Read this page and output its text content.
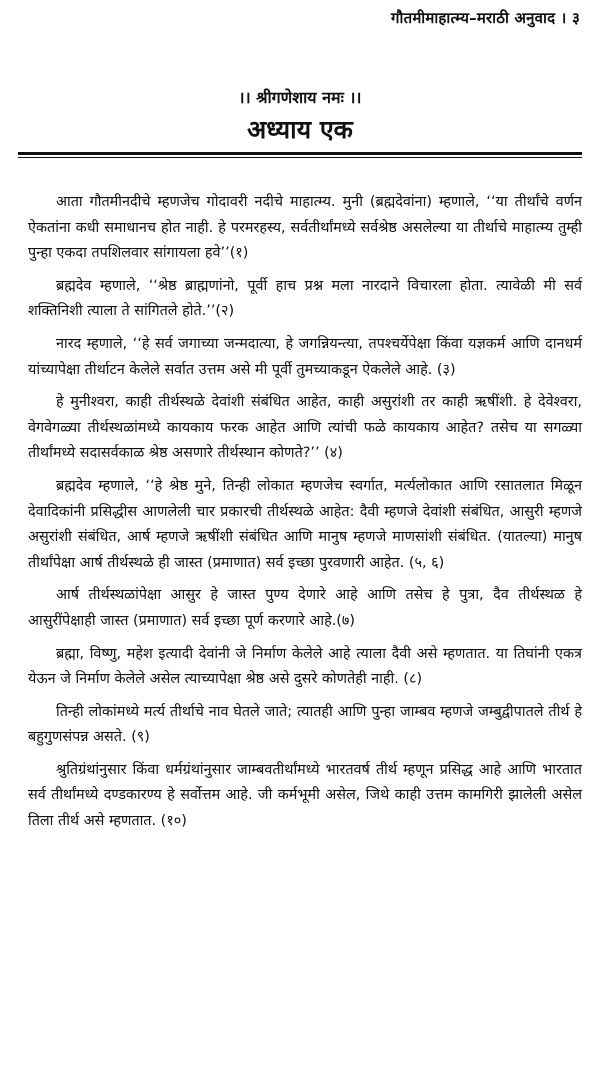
गौतमीमाहात्म्य–मराठी अनुवाद । ३
।। श्रीगणेशाय नमः ।।
अध्याय एक

आता गौतमीनदीचे म्हणजेच गोदावरी नदीचे माहात्म्य. मुनी (ब्रह्मदेवांना) म्हणाले, ‘‘या तीर्थांचे वर्णन ऐकतांना कधी समाधानच होत नाही. हे परमरहस्य, सर्वतीर्थांमध्ये सर्वश्रेष्ठ असलेल्या या तीर्थाचे माहात्म्य तुम्ही पुन्हा एकदा तपशिलवार सांगायला हवे’’(१)

ब्रह्मदेव म्हणाले, ‘‘श्रेष्ठ ब्राह्मणांनो, पूर्वी हाच प्रश्न मला नारदाने विचारला होता. त्यावेळी मी सर्व शक्तिनिशी त्याला ते सांगितले होते.’’(२)

नारद म्हणाले, ‘‘हे सर्व जगाच्या जन्मदात्या, हे जगन्नियन्त्या, तपश्चर्येपेक्षा किंवा यज्ञकर्म आणि दानधर्म यांच्यापेक्षा तीर्थाटन केलेले सर्वात उत्तम असे मी पूर्वी तुमच्याकडून ऐकलेले आहे. (३)

हे मुनीश्वरा, काही तीर्थस्थळे देवांशी संबंधित आहेत, काही असुरांशी तर काही ऋषींशी. हे देवेश्वरा, वेगवेगळ्या तीर्थस्थळांमध्ये कायकाय फरक आहेत आणि त्यांची फळे कायकाय आहेत? तसेच या सगळ्या तीर्थांमध्ये सदासर्वकाळ श्रेष्ठ असणारे तीर्थस्थान कोणते?’’ (४)

ब्रह्मदेव म्हणाले, ‘‘हे श्रेष्ठ मुने, तिन्ही लोकात म्हणजेच स्वर्गात, मर्त्यलोकात आणि रसातलात मिळून देवादिकांनी प्रसिद्धीस आणलेली चार प्रकारची तीर्थस्थळे आहेत: दैवी म्हणजे देवांशी संबंधित, आसुरी म्हणजे असुरांशी संबंधित, आर्ष म्हणजे ऋषींशी संबंधित आणि मानुष म्हणजे माणसांशी संबंधित. (यातल्या) मानुष तीर्थांपेक्षा आर्ष तीर्थस्थळे ही जास्त (प्रमाणात) सर्व इच्छा पुरवणारी आहेत. (५, ६)

आर्ष तीर्थस्थळांपेक्षा आसुर हे जास्त पुण्य देणारे आहे आणि तसेच हे पुत्रा, दैव तीर्थस्थळ हे आसुरींपेक्षाही जास्त (प्रमाणात) सर्व इच्छा पूर्ण करणारे आहे.(७)

ब्रह्मा, विष्णु, महेश इत्यादी देवांनी जे निर्माण केलेले आहे त्याला दैवी असे म्हणतात. या तिघांनी एकत्र येऊन जे निर्माण केलेले असेल त्याच्यापेक्षा श्रेष्ठ असे दुसरे कोणतेही नाही. (८)

तिन्ही लोकांमध्ये मर्त्य तीर्थाचे नाव घेतले जाते; त्यातही आणि पुन्हा जाम्बव म्हणजे जम्बुद्वीपातले तीर्थ हे बहुगुणसंपन्न असते. (९)

श्रुतिग्रंथांनुसार किंवा धर्मग्रंथांनुसार जाम्बवतीर्थांमध्ये भारतवर्ष तीर्थ म्हणून प्रसिद्ध आहे आणि भारतात सर्व तीर्थांमध्ये दण्डकारण्य हे सर्वोत्तम आहे. जी कर्मभूमी असेल, जिथे काही उत्तम कामगिरी झालेली असेल तिला तीर्थ असे म्हणतात. (१०)
